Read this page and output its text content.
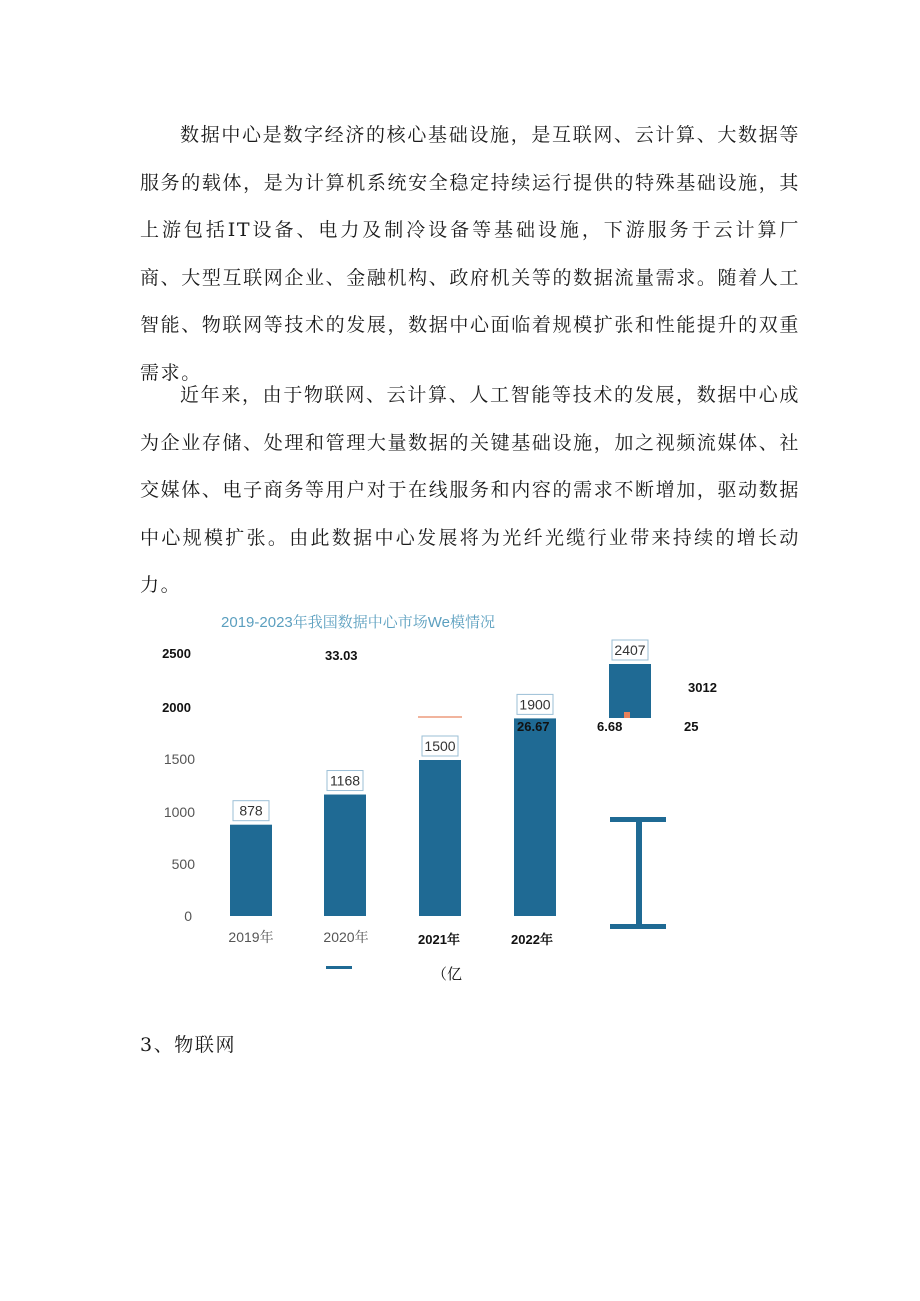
数据中心是数字经济的核心基础设施，是互联网、云计算、大数据等服务的载体，是为计算机系统安全稳定持续运行提供的特殊基础设施，其上游包括IT设备、电力及制冷设备等基础设施，下游服务于云计算厂商、大型互联网企业、金融机构、政府机关等的数据流量需求。随着人工智能、物联网等技术的发展，数据中心面临着规模扩张和性能提升的双重需求。

近年来，由于物联网、云计算、人工智能等技术的发展，数据中心成为企业存储、处理和管理大量数据的关键基础设施，加之视频流媒体、社交媒体、电子商务等用户对于在线服务和内容的需求不断增加，驱动数据中心规模扩张。由此数据中心发展将为光纤光缆行业带来持续的增长动力。

2019-2023年我国数据中心市场We模情况
0
500
1000
1500
2000
2500
878
1168
1500
1900
2407
2019年	2020年	2021年	2022年
33.03
26.67	6.68	25
3012
（亿

3、物联网
